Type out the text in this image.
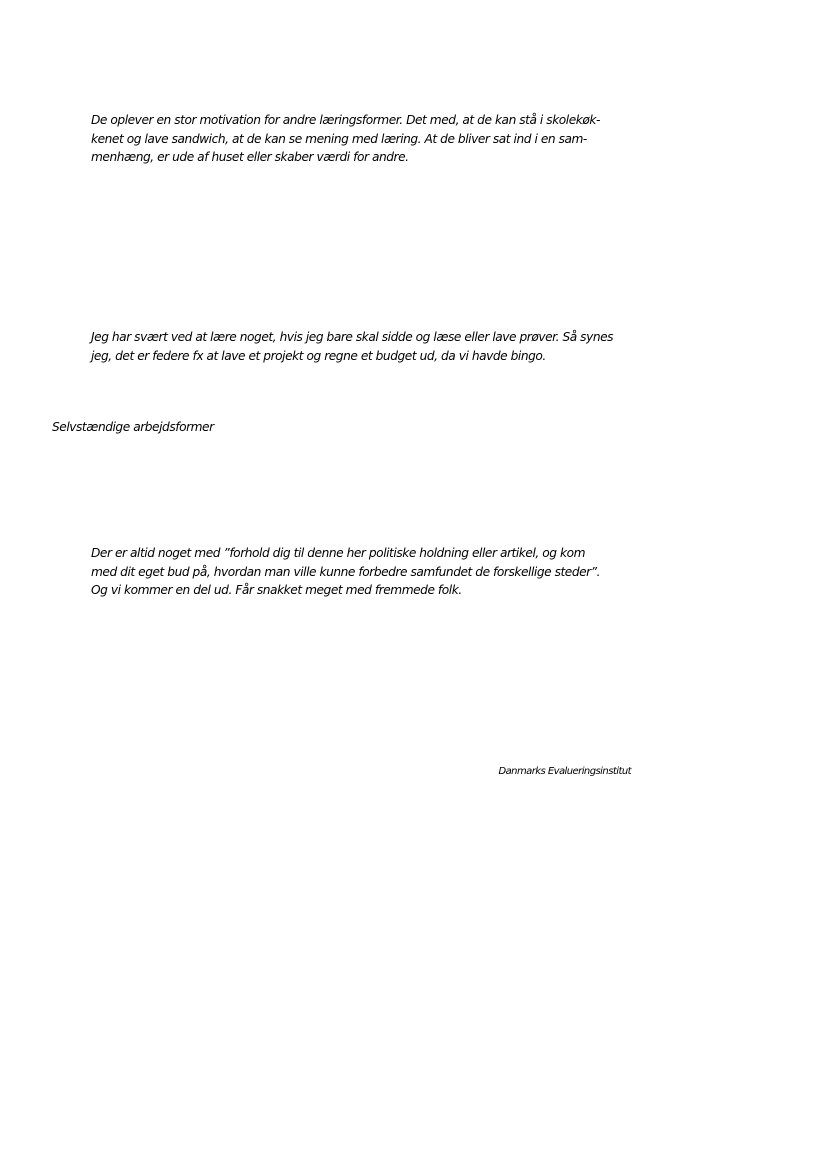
De oplever en stor motivation for andre læringsformer. Det med, at de kan stå i skolekøk-
kenet og lave sandwich, at de kan se mening med læring. At de bliver sat ind i en sam-
menhæng, er ude af huset eller skaber værdi for andre.
Jeg har svært ved at lære noget, hvis jeg bare skal sidde og læse eller lave prøver. Så synes
jeg, det er federe fx at lave et projekt og regne et budget ud, da vi havde bingo.
Selvstændige arbejdsformer
Der er altid noget med ”forhold dig til denne her politiske holdning eller artikel, og kom
med dit eget bud på, hvordan man ville kunne forbedre samfundet de forskellige steder”.
Og vi kommer en del ud. Får snakket meget med fremmede folk.
Danmarks Evalueringsinstitut
